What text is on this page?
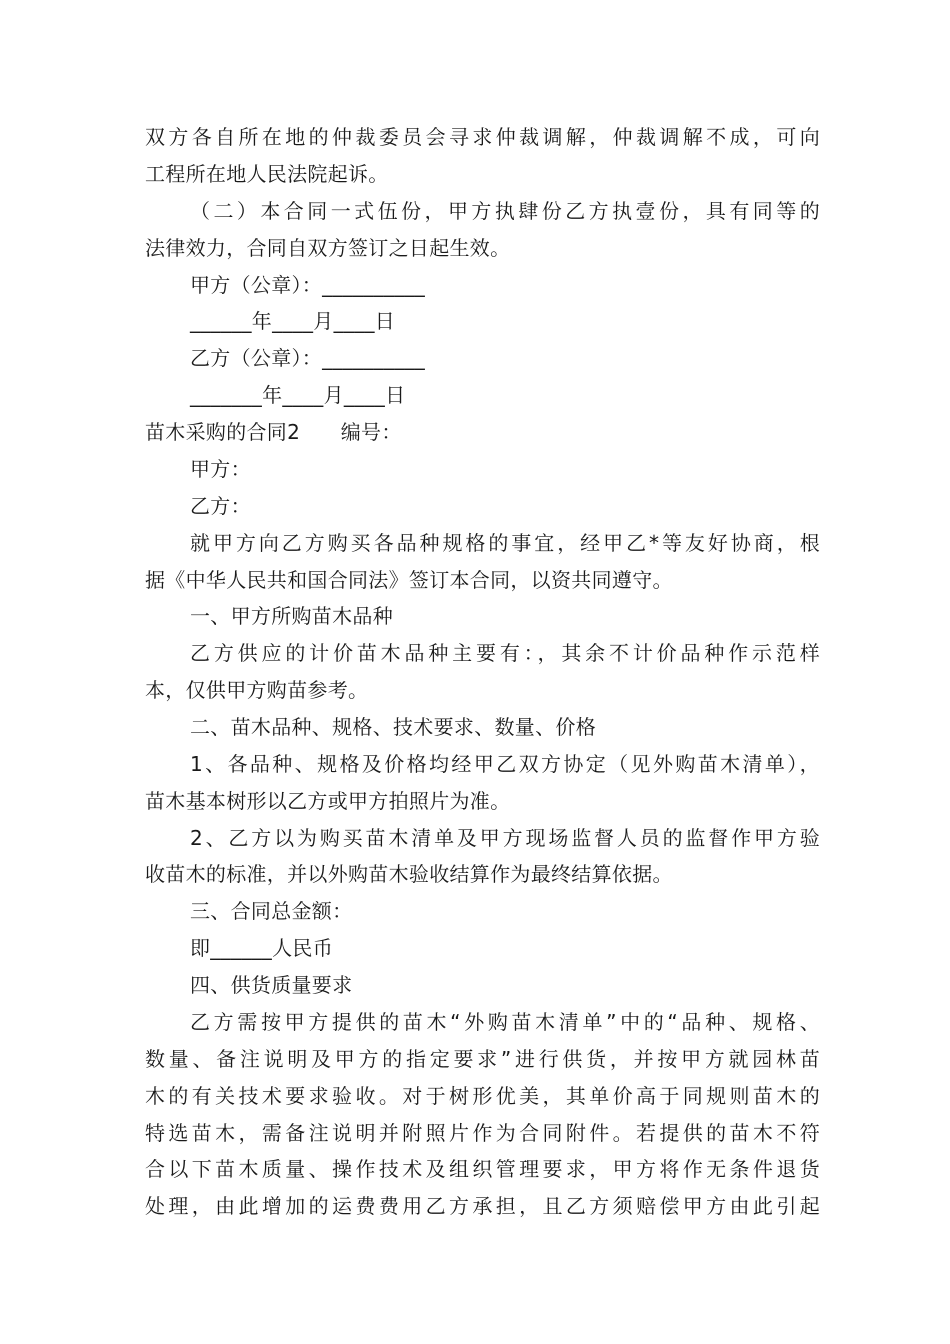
双方各自所在地的仲裁委员会寻求仲裁调解，仲裁调解不成，可向
工程所在地人民法院起诉。
（二）本合同一式伍份，甲方执肆份乙方执壹份，具有同等的
法律效力，合同自双方签订之日起生效。
甲方（公章）：__________
______年____月____日
乙方（公章）：__________
_______年____月____日
苗木采购的合同2　　编号：
甲方：
乙方：
就甲方向乙方购买各品种规格的事宜，经甲乙*等友好协商，根
据《中华人民共和国合同法》签订本合同，以资共同遵守。
一、甲方所购苗木品种
乙方供应的计价苗木品种主要有：，其余不计价品种作示范样
本，仅供甲方购苗参考。
二、苗木品种、规格、技术要求、数量、价格
1、各品种、规格及价格均经甲乙双方协定（见外购苗木清单），
苗木基本树形以乙方或甲方拍照片为准。
2、乙方以为购买苗木清单及甲方现场监督人员的监督作甲方验
收苗木的标准，并以外购苗木验收结算作为最终结算依据。
三、合同总金额：
即______人民币
四、供货质量要求
乙方需按甲方提供的苗木“外购苗木清单”中的“品种、规格、
数量、备注说明及甲方的指定要求”进行供货，并按甲方就园林苗
木的有关技术要求验收。对于树形优美，其单价高于同规则苗木的
特选苗木，需备注说明并附照片作为合同附件。若提供的苗木不符
合以下苗木质量、操作技术及组织管理要求，甲方将作无条件退货
处理，由此增加的运费费用乙方承担，且乙方须赔偿甲方由此引起
